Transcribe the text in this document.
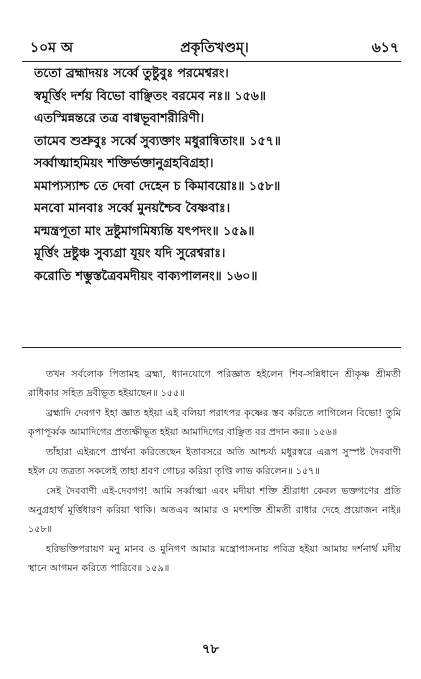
১০ম অ	প্রকৃতিখণ্ডম্।	৬১৭
ততো ব্রহ্মাদয়ঃ সর্ব্বে তুষ্টুবুঃ পরমেশ্বরং।
স্বমূর্ত্তিং দর্শয় বিভো বাঞ্ছিতং বরমেব নঃ॥ ১৫৬॥
এতস্মিন্নন্তরে তত্র বাগ্বভূবাশরীরিণী।
তামেব শুশ্রুবুঃ সর্ব্বে সুব্যক্তাং মধুরান্বিতাং॥ ১৫৭॥
সর্ব্বাত্মাহমিয়ং শক্তির্ভক্তানুগ্রহবিগ্রহা।
মমাপ্যস্যাশ্চ তে দেবা দেহেন চ কিমাবয়োঃ॥ ১৫৮॥
মনবো মানবাঃ সর্ব্বে মুনয়শ্চৈব বৈষ্ণবাঃ।
মন্মন্ত্রপূতা মাং দ্রষ্টুমাগমিষ্যন্তি যৎপদং॥ ১৫৯॥
মূর্ত্তিং দ্রষ্টুঞ্চ সুব্যগ্রা যূয়ং যদি সুরেশ্বরাঃ।
করোতি শম্ভুস্তত্রৈবমদীয়ং বাক্যপালনং॥ ১৬০॥

তখন সর্বলোক পিতামহ ব্রহ্মা, ধ্যানযোগে পরিজ্ঞাত হইলেন শিব-সন্নিধানে শ্রীকৃষ্ণ শ্রীমতী রাধিকার সহিত দ্রবীভূত হইয়াছেন॥ ১৫৫॥

ব্রহ্মাদি দেবগণ ইহা জ্ঞাত হইয়া এই বলিয়া পরাৎপর কৃষ্ণের স্তব করিতে লাগিলেন বিভো! তুমি কৃপাপূর্ব্বক আমাদিগের প্রত্যক্ষীভূত হইয়া আমাদিগের বাঞ্ছিত বর প্রদান কর॥ ১৫৬॥

তাঁহারা এইরূপে প্রার্থনা করিতেছেন ইতাবসরে অতি আশ্চর্য্য মধুরস্বরে এরূপ সুস্পষ্ট দৈববাণী হইল যে তত্রত্য সকলেই তাহা শ্রবণ গোচর করিয়া তৃপ্তি লাভ করিলেন॥ ১৫৭॥

সেই দৈববাণী এই-দেবগণ! আমি সর্ব্বাত্মা এবং মদীয়া শক্তি শ্রীরাধা কেবল ভক্তগণের প্রতি অনুগ্রহার্থ মূর্ত্তিধারণ করিয়া থাকি। অতএব আমার ও মৎশক্তি শ্রীমতী রাধার দেহে প্রয়োজন নাই॥ ১৫৮॥

হরিভক্তিপরায়ণ মনু মানব ও মুনিগণ আমার মন্ত্রোপাসনায় পবিত্র হইয়া আমায় দর্শনার্থ মদীয় স্থানে আগমন করিতে পারিবে॥ ১৫৯॥

৭৮
